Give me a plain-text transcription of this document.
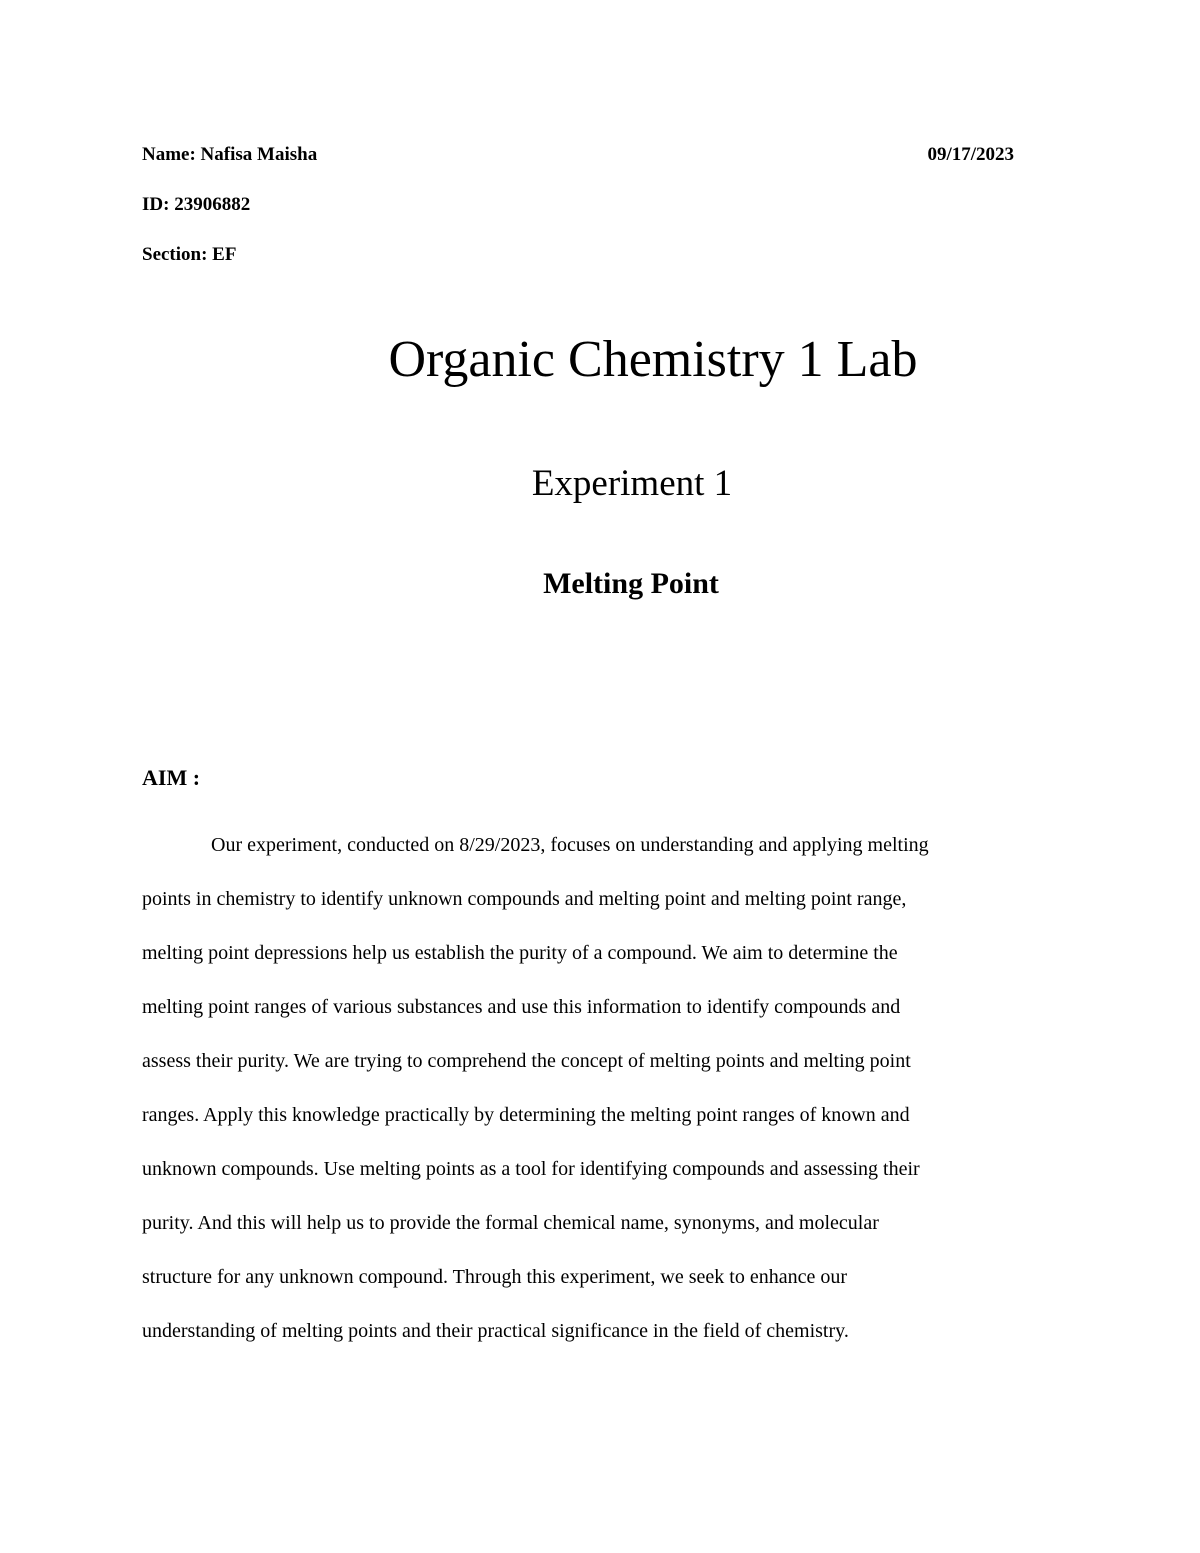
Name: Nafisa Maisha	09/17/2023
ID: 23906882
Section: EF
Organic Chemistry 1 Lab
Experiment 1
Melting Point
AIM :
Our experiment, conducted on 8/29/2023, focuses on understanding and applying melting
points in chemistry to identify unknown compounds and melting point and melting point range,
melting point depressions help us establish the purity of a compound. We aim to determine the
melting point ranges of various substances and use this information to identify compounds and
assess their purity. We are trying to comprehend the concept of melting points and melting point
ranges. Apply this knowledge practically by determining the melting point ranges of known and
unknown compounds. Use melting points as a tool for identifying compounds and assessing their
purity. And this will help us to provide the formal chemical name, synonyms, and molecular
structure for any unknown compound. Through this experiment, we seek to enhance our
understanding of melting points and their practical significance in the field of chemistry.
